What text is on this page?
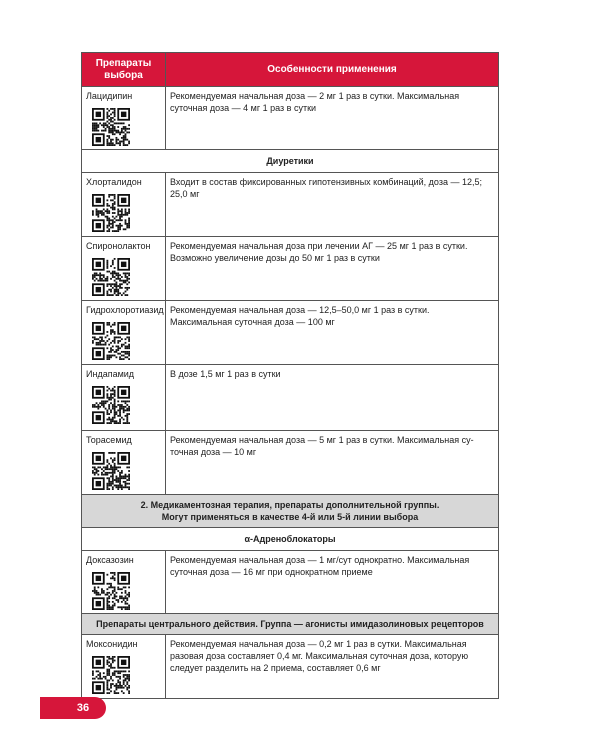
Препараты выбора	Особенности применения

Лацидипин	Рекомендуемая начальная доза — 2 мг 1 раз в сутки. Максимальная суточная доза — 4 мг 1 раз в сутки
Диуретики	

Хлорталидон	Входит в состав фиксированных гипотензивных комбинаций, доза — 12,5; 25,0 мг

Спиронолактон	Рекомендуемая начальная доза при лечении АГ — 25 мг 1 раз в сутки. Возможно увеличение дозы до 50 мг 1 раз в сутки

Гидрохлоротиазид	Рекомендуемая начальная доза — 12,5–50,0 мг 1 раз в сутки. Максимальная суточная доза — 100 мг

Индапамид	В дозе 1,5 мг 1 раз в сутки

Торасемид	Рекомендуемая начальная доза — 5 мг 1 раз в сутки. Максимальная су-точная доза — 10 мг
2. Медикаментозная терапия, препараты дополнительной группы.
Могут применяться в качестве 4-й или 5-й линии выбора	
α-Адреноблокаторы	

Доксазозин	Рекомендуемая начальная доза — 1 мг/сут однократно. Максимальная суточная доза — 16 мг при однократном приеме
Препараты центрального действия. Группа — агонисты имидазолиновых рецепторов	

Моксонидин	Рекомендуемая начальная доза — 0,2 мг 1 раз в сутки. Максимальная разовая доза составляет 0,4 мг. Максимальная суточная доза, которую следует разделить на 2 приема, составляет 0,6 мг
36
